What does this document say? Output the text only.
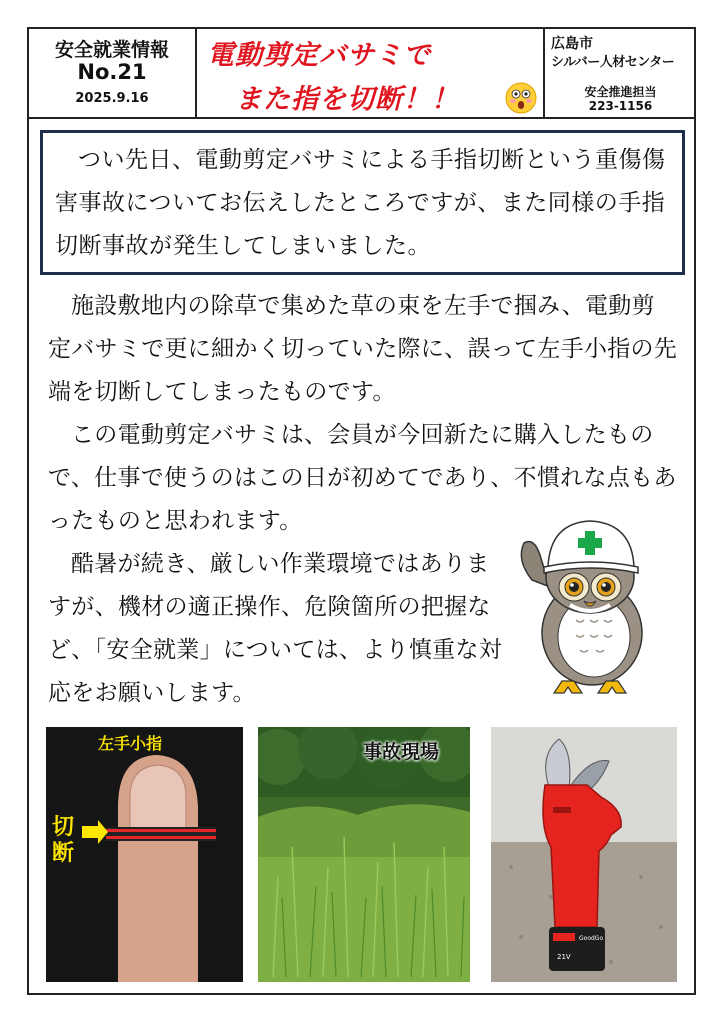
安全就業情報
No.21
2025.9.16
電動剪定バサミで
また指を切断！！
広島市
シルバー人材センター
安全推進担当
223-1156
つい先日、電動剪定バサミによる手指切断という重傷傷害事故についてお伝えしたところですが、また同様の手指切断事故が発生してしまいました。
施設敷地内の除草で集めた草の束を左手で掴み、電動剪定バサミで更に細かく切っていた際に、誤って左手小指の先端を切断してしまったものです。
この電動剪定バサミは、会員が今回新たに購入したもので、仕事で使うのはこの日が初めてであり、不慣れな点もあったものと思われます。
酷暑が続き、厳しい作業環境ではありますが、機材の適正操作、危険箇所の把握など、「安全就業」については、より慎重な対応をお願いします。
左手小指
切断
事故現場
21V
GoodGo
